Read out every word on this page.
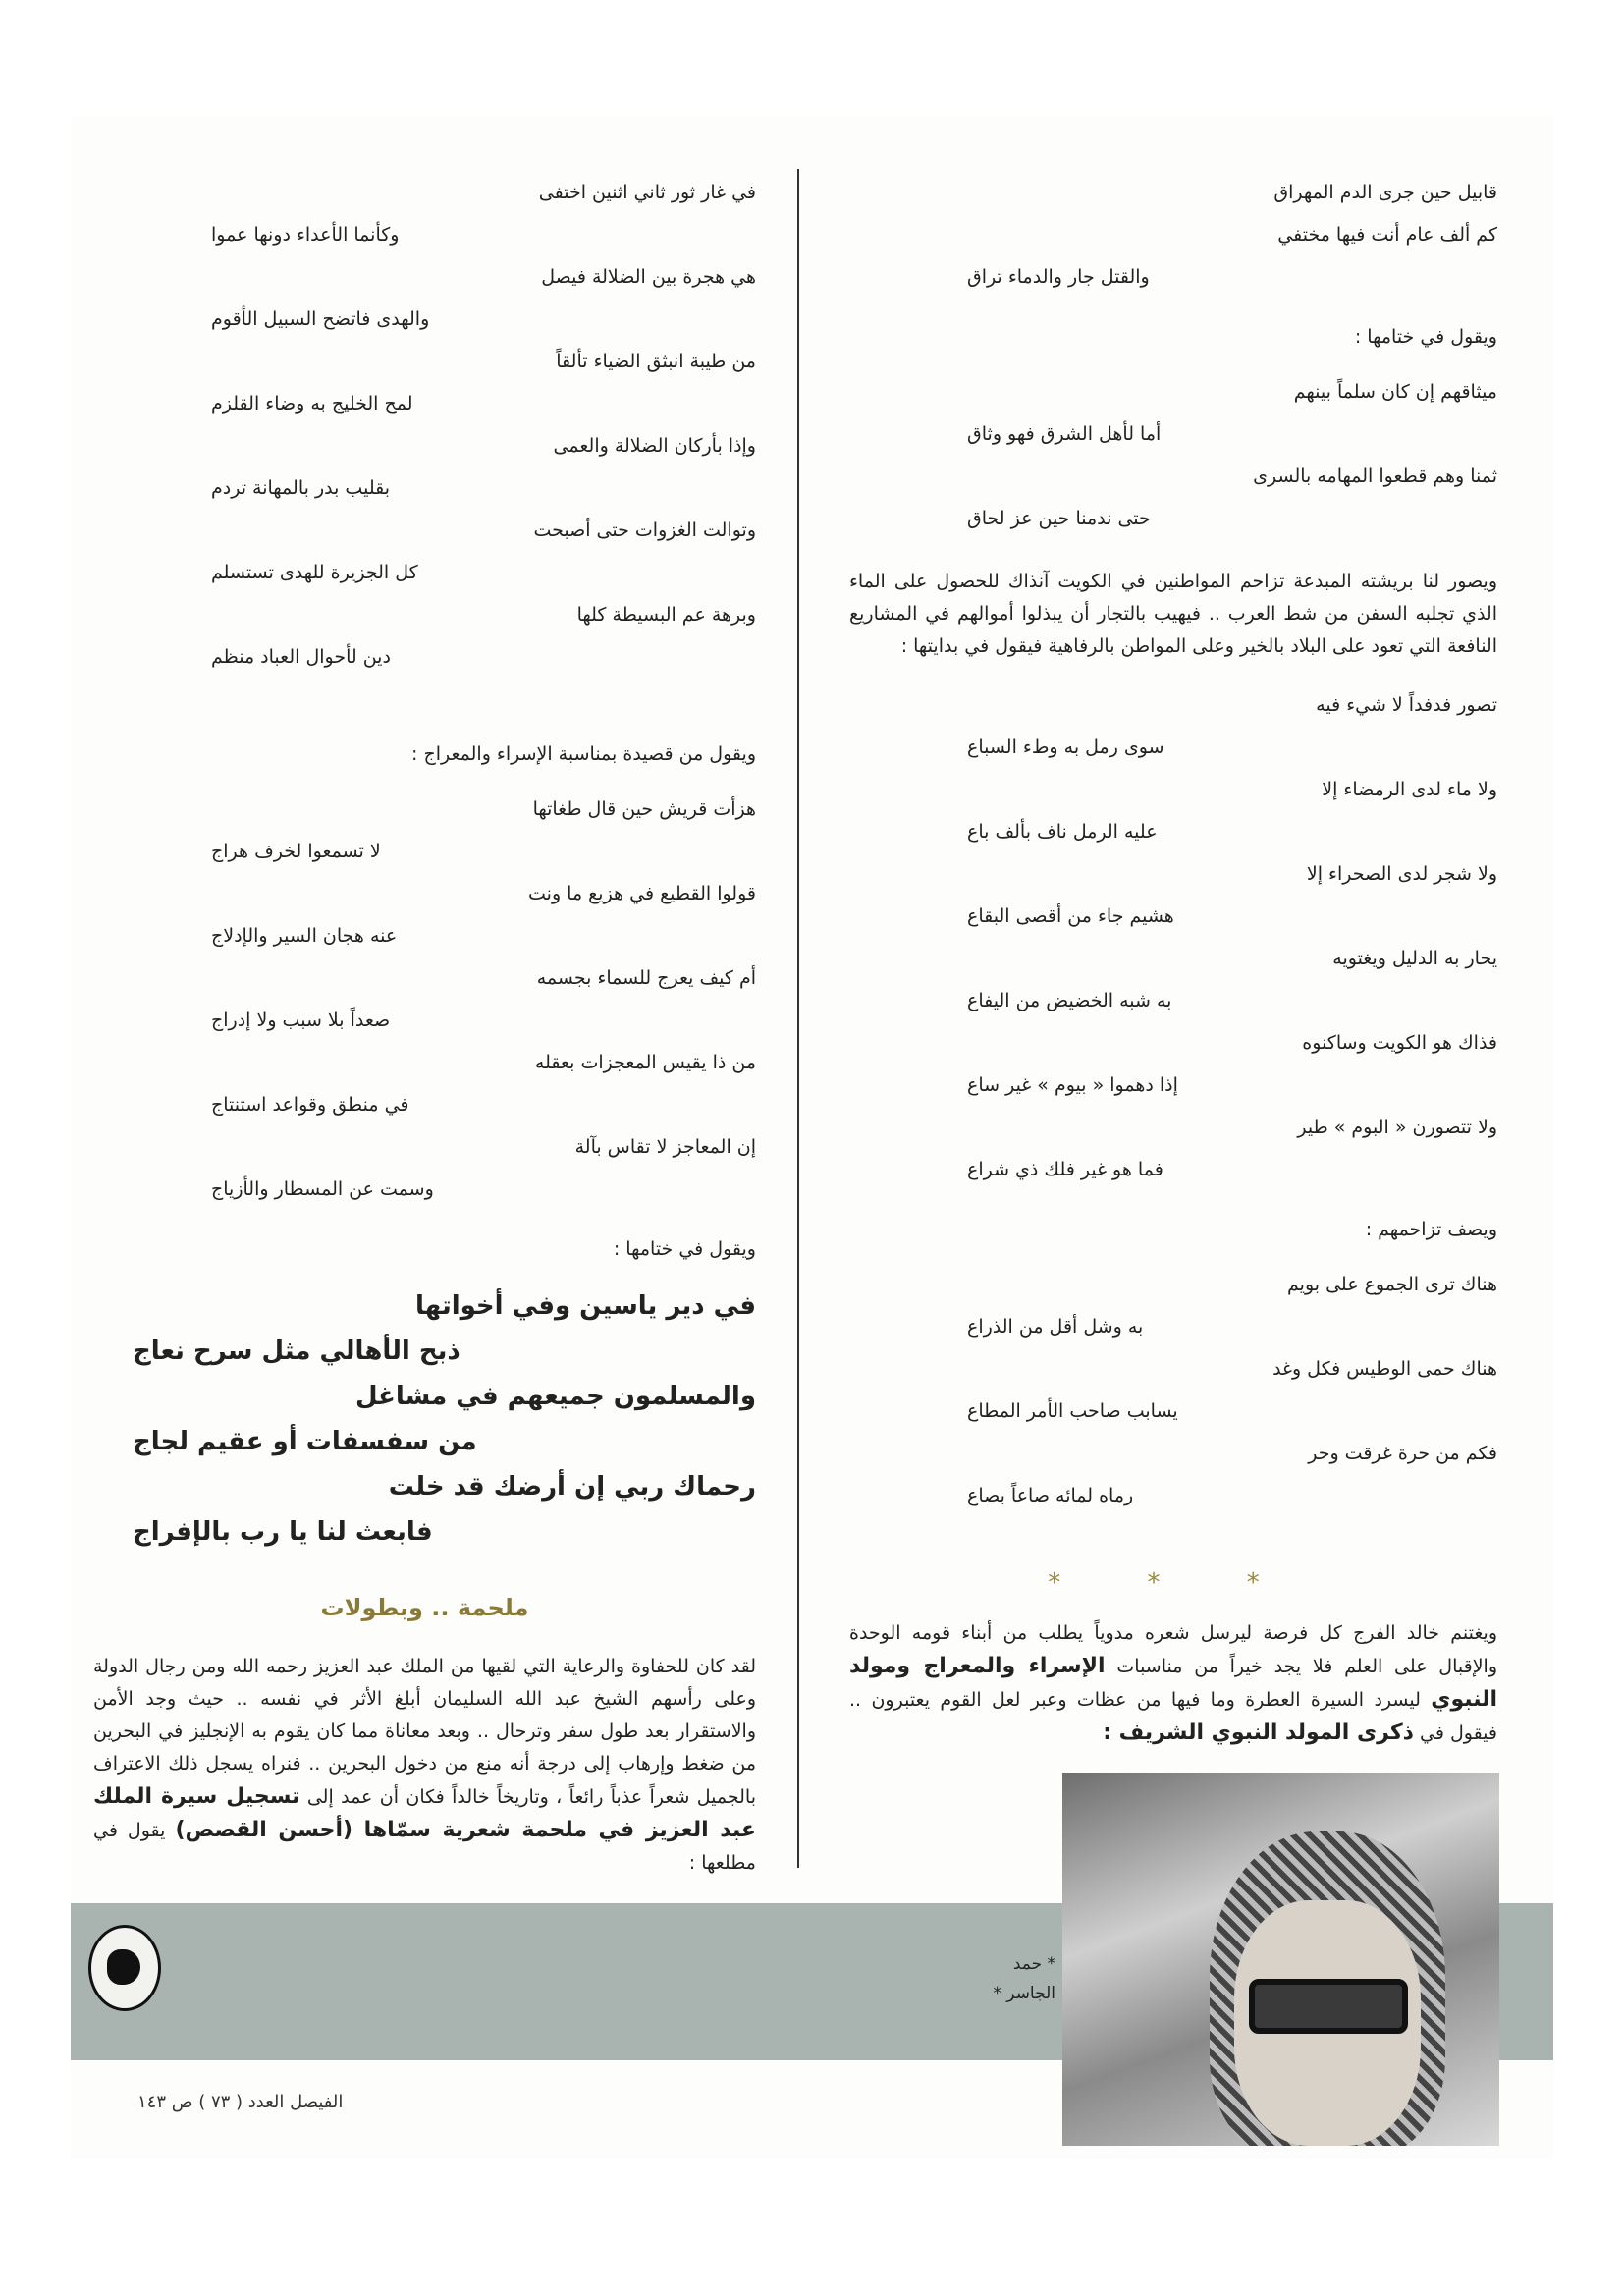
قابيل حين جرى الدم المهراق
كم ألف عام أنت فيها مختفي
والقتل جار والدماء تراق
ويقول في ختامها :
ميثاقهم إن كان سلماً بينهم
أما لأهل الشرق فهو وثاق
ثمنا وهم قطعوا المهامه بالسرى
حتى ندمنا حين عز لحاق

ويصور لنا بريشته المبدعة تزاحم المواطنين في الكويت آنذاك للحصول على الماء الذي تجلبه السفن من شط العرب .. فيهيب بالتجار أن يبذلوا أموالهم في المشاريع النافعة التي تعود على البلاد بالخير وعلى المواطن بالرفاهية فيقول في بدايتها :

تصور فدفداً لا شيء فيه
سوى رمل به وطء السباع
ولا ماء لدى الرمضاء إلا
عليه الرمل ناف بألف باع
ولا شجر لدى الصحراء إلا
هشيم جاء من أقصى البقاع
يحار به الدليل ويغتويه
به شبه الخضيض من اليفاع
فذاك هو الكويت وساكنوه
إذا دهموا « بيوم » غير ساع
ولا تتصورن « البوم » طير
فما هو غير فلك ذي شراع
ويصف تزاحمهم :
هناك ترى الجموع على بويم
به وشل أقل من الذراع
هناك حمى الوطيس فكل وغد
يسابب صاحب الأمر المطاع
فكم من حرة غرقت وحر
رماه لمائه صاعاً بصاع
* * *

ويغتنم خالد الفرج كل فرصة ليرسل شعره مدوياً يطلب من أبناء قومه الوحدة والإقبال على العلم فلا يجد خيراً من مناسبات الإسراء والمعراج ومولد النبوي ليسرد السيرة العطرة وما فيها من عظات وعبر لعل القوم يعتبرون .. فيقول في ذكرى المولد النبوي الشريف :

في غار ثور ثاني اثنين اختفى
وكأنما الأعداء دونها عموا
هي هجرة بين الضلالة فيصل
والهدى فاتضح السبيل الأقوم
من طيبة انبثق الضياء تألقاً
لمح الخليج به وضاء القلزم
وإذا بأركان الضلالة والعمى
بقليب بدر بالمهانة تردم
وتوالت الغزوات حتى أصبحت
كل الجزيرة للهدى تستسلم
وبرهة عم البسيطة كلها
دين لأحوال العباد منظم
ويقول من قصيدة بمناسبة الإسراء والمعراج :
هزأت قريش حين قال طغاتها
لا تسمعوا لخرف هراج
قولوا القطيع في هزيع ما ونت
عنه هجان السير والإدلاج
أم كيف يعرج للسماء بجسمه
صعداً بلا سبب ولا إدراج
من ذا يقيس المعجزات بعقله
في منطق وقواعد استنتاج
إن المعاجز لا تقاس بآلة
وسمت عن المسطار والأزياج
ويقول في ختامها :
في دير ياسين وفي أخواتها
ذبح الأهالي مثل سرح نعاج
والمسلمون جميعهم في مشاغل
من سفسفات أو عقيم لجاج
رحماك ربي إن أرضك قد خلت
فابعث لنا يا رب بالإفراج
ملحمة .. وبطولات

لقد كان للحفاوة والرعاية التي لقيها من الملك عبد العزيز رحمه الله ومن رجال الدولة وعلى رأسهم الشيخ عبد الله السليمان أبلغ الأثر في نفسه .. حيث وجد الأمن والاستقرار بعد طول سفر وترحال .. وبعد معاناة مما كان يقوم به الإنجليز في البحرين من ضغط وإرهاب إلى درجة أنه منع من دخول البحرين .. فنراه يسجل ذلك الاعتراف بالجميل شعراً عذباً رائعاً ، وتاريخاً خالداً فكان أن عمد إلى تسجيل سيرة الملك عبد العزيز في ملحمة شعرية سمّاها (أحسن القصص) يقول في مطلعها :

* حمد
الجاسر *
الفيصل العدد ( ٧٣ ) ص ١٤٣
